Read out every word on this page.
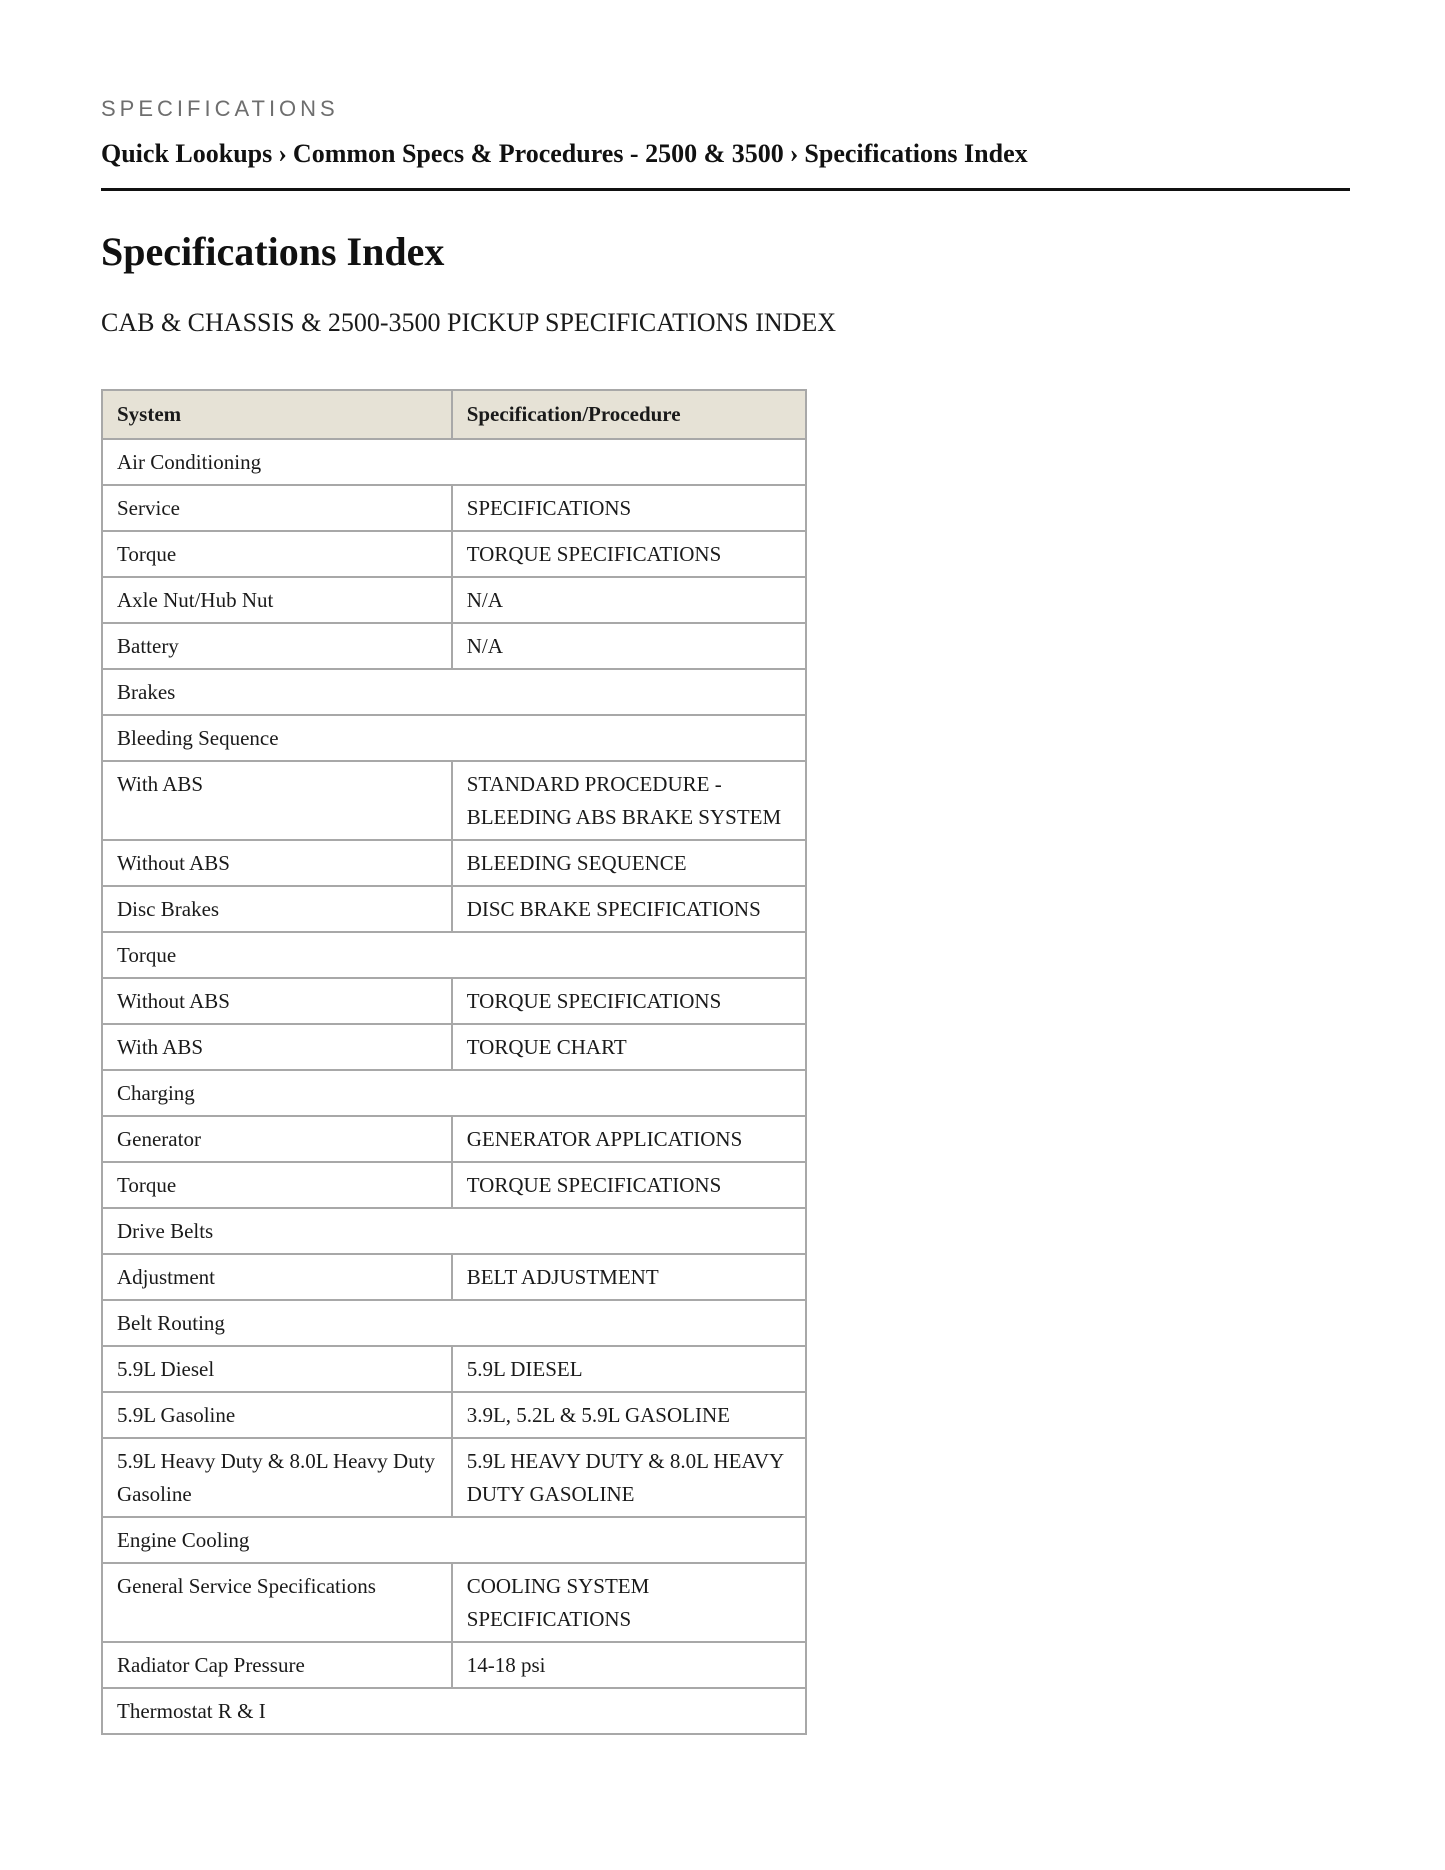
SPECIFICATIONS
Quick Lookups › Common Specs & Procedures - 2500 & 3500 › Specifications Index
Specifications Index
CAB & CHASSIS & 2500-3500 PICKUP SPECIFICATIONS INDEX
System	Specification/Procedure
Air Conditioning	
Service	SPECIFICATIONS
Torque	TORQUE SPECIFICATIONS
Axle Nut/Hub Nut	N/A
Battery	N/A
Brakes	
Bleeding Sequence	
With ABS	STANDARD PROCEDURE - BLEEDING ABS BRAKE SYSTEM
Without ABS	BLEEDING SEQUENCE
Disc Brakes	DISC BRAKE SPECIFICATIONS
Torque	
Without ABS	TORQUE SPECIFICATIONS
With ABS	TORQUE CHART
Charging	
Generator	GENERATOR APPLICATIONS
Torque	TORQUE SPECIFICATIONS
Drive Belts	
Adjustment	BELT ADJUSTMENT
Belt Routing	
5.9L Diesel	5.9L DIESEL
5.9L Gasoline	3.9L, 5.2L & 5.9L GASOLINE
5.9L Heavy Duty & 8.0L Heavy Duty Gasoline	5.9L HEAVY DUTY & 8.0L HEAVY DUTY GASOLINE
Engine Cooling	
General Service Specifications	COOLING SYSTEM SPECIFICATIONS
Radiator Cap Pressure	14-18 psi
Thermostat R & I	
